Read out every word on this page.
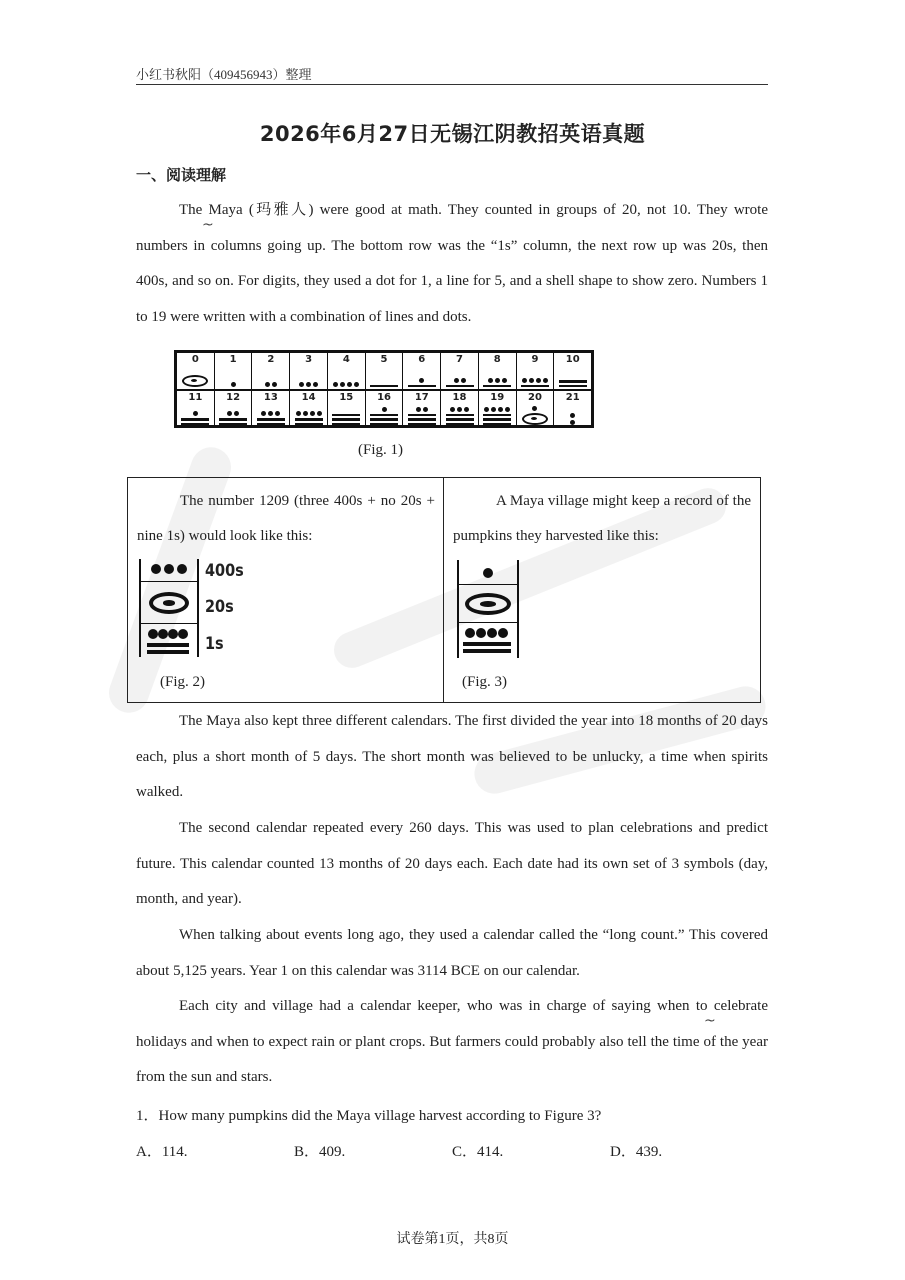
小红书秋阳（409456943）整理
2026年6月27日无锡江阴教招英语真题
一、阅读理解

The Maya (玛雅人) were good at math. They counted in groups of 20, not 10. They wrote numbers in columns going up. The bottom row was the “1s” column, the next row up was 20s, then 400s, and so on. For digits, they used a dot for 1, a line for 5, and a shell shape to show zero. Numbers 1 to 19 were written with a combination of lines and dots.

~
0	1	2	3	4	5	6	7	8	9	10
11	12	13	14	15	16	17	18	19	20	21
(Fig. 1)

The number 1209 (three 400s + no 20s + nine 1s) would look like this:

A Maya village might keep a record of the pumpkins they harvested like this:

400s
20s
1s
(Fig. 2)	(Fig. 3)

The Maya also kept three different calendars. The first divided the year into 18 months of 20 days each, plus a short month of 5 days. The short month was believed to be unlucky, a time when spirits walked.

The second calendar repeated every 260 days. This was used to plan celebrations and predict future. This calendar counted 13 months of 20 days each. Each date had its own set of 3 symbols (day, month, and year).

When talking about events long ago, they used a calendar called the “long count.” This covered about 5,125 years. Year 1 on this calendar was 3114 BCE on our calendar.

Each city and village had a calendar keeper, who was in charge of saying when to celebrate holidays and when to expect rain or plant crops. But farmers could probably also tell the time of the year from the sun and stars.

~
1．How many pumpkins did the Maya village harvest according to Figure 3?
A．114.	B．409.	C．414.	D．439.
试卷第1页，共8页
